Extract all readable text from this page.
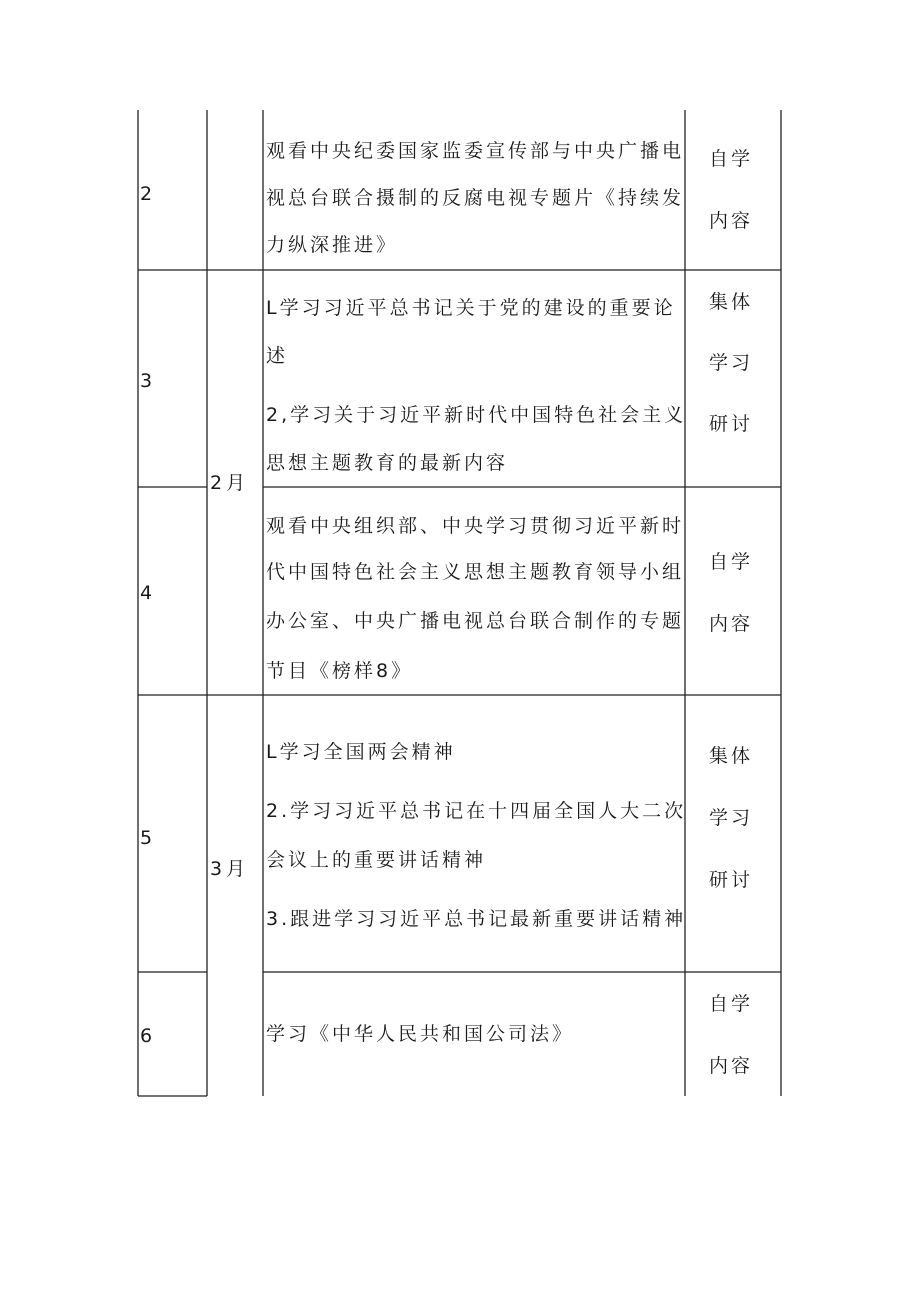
2
观看中央纪委国家监委宣传部与中央广播电
视总台联合摄制的反腐电视专题片《持续发
力纵深推进》
自学
内容
3
L学习习近平总书记关于党的建设的重要论
述
2,学习关于习近平新时代中国特色社会主义
思想主题教育的最新内容
集体
学习
研讨
2月
4
观看中央组织部、中央学习贯彻习近平新时
代中国特色社会主义思想主题教育领导小组
办公室、中央广播电视总台联合制作的专题
节目《榜样8》
自学
内容
5
L学习全国两会精神
2.学习习近平总书记在十四届全国人大二次
会议上的重要讲话精神
3.跟进学习习近平总书记最新重要讲话精神
集体
学习
研讨
3月
6	学习《中华人民共和国公司法》
自学
内容
